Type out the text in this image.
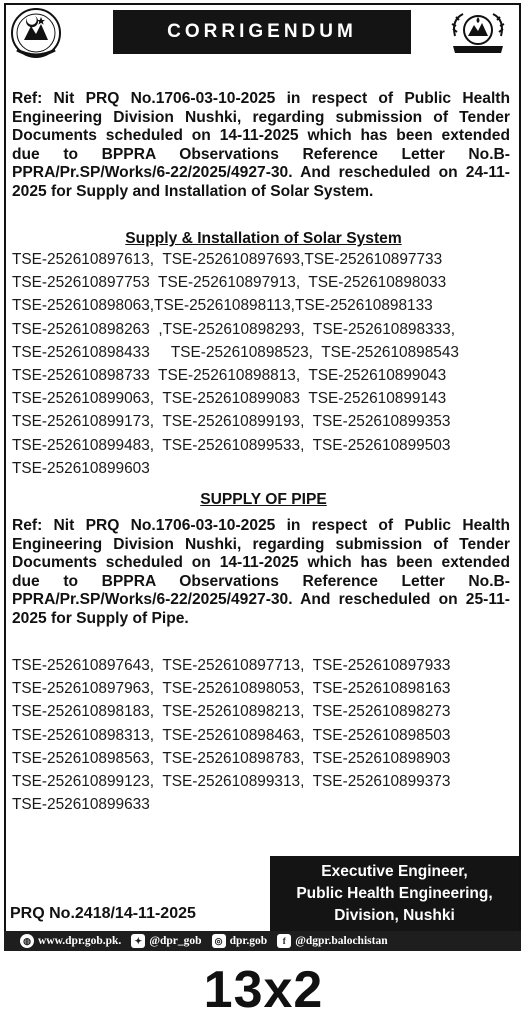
CORRIGENDUM

Ref: Nit PRQ No.1706-03-10-2025 in respect of Public Health Engineering Division Nushki, regarding submission of Tender Documents scheduled on 14-11-2025 which has been extended due to BPPRA Observations Reference Letter No.B-PPRA/Pr.SP/Works/6-22/2025/4927-30. And rescheduled on 24-11-2025 for Supply and Installation of Solar System.

Supply & Installation of Solar System

TSE-252610897613,  TSE-252610897693,TSE-252610897733
TSE-252610897753  TSE-252610897913,  TSE-252610898033
TSE-252610898063,TSE-252610898113,TSE-252610898133
TSE-252610898263  ,TSE-252610898293,  TSE-252610898333,
TSE-252610898433     TSE-252610898523,  TSE-252610898543
TSE-252610898733  TSE-252610898813,  TSE-252610899043
TSE-252610899063,  TSE-252610899083  TSE-252610899143
TSE-252610899173,  TSE-252610899193,  TSE-252610899353
TSE-252610899483,  TSE-252610899533,  TSE-252610899503
TSE-252610899603

SUPPLY OF PIPE

Ref: Nit PRQ No.1706-03-10-2025 in respect of Public Health Engineering Division Nushki, regarding submission of Tender Documents scheduled on 14-11-2025 which has been extended due to BPPRA Observations Reference Letter No.B-PPRA/Pr.SP/Works/6-22/2025/4927-30. And rescheduled on 25-11-2025 for Supply of Pipe.

TSE-252610897643,  TSE-252610897713,  TSE-252610897933
TSE-252610897963,  TSE-252610898053,  TSE-252610898163
TSE-252610898183,  TSE-252610898213,  TSE-252610898273
TSE-252610898313,  TSE-252610898463,  TSE-252610898503
TSE-252610898563,  TSE-252610898783,  TSE-252610898903
TSE-252610899123,  TSE-252610899313,  TSE-252610899373
TSE-252610899633
Executive Engineer,
Public Health Engineering,
Division, Nushki
PRQ No.2418/14-11-2025
◍ www.dpr.gob.pk.	✦ @dpr_gob	◎ dpr.gob	f @dgpr.balochistan
13x2
